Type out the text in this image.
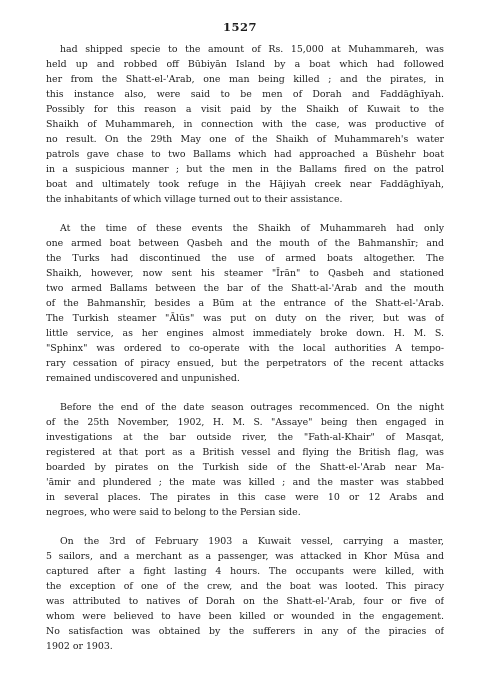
1527
had shipped specie to the amount of Rs. 15,000 at Muhammareh, was
held up and robbed off Būbiyān Island by a boat which had followed
her from the Shatt-el-'Arab, one man being killed ; and the pirates, in
this instance also, were said to be men of Dorah and Faddāghīyah.
Possibly for this reason a visit paid by the Shaikh of Kuwait to the
Shaikh of Muhammareh, in connection with the case, was productive of
no result. On the 29th May one of the Shaikh of Muhammareh's water
patrols gave chase to two Ballams which had approached a Būshehr boat
in a suspicious manner ; but the men in the Ballams fired on the patrol
boat and ultimately took refuge in the Hājiyah creek near Faddāghīyah,
the inhabitants of which village turned out to their assistance.
At the time of these events the Shaikh of Muhammareh had only
one armed boat between Qasbeh and the mouth of the Bahmanshīr; and
the Turks had discontinued the use of armed boats altogether. The
Shaikh, however, now sent his steamer "Īrān" to Qasbeh and stationed
two armed Ballams between the bar of the Shatt-al-'Arab and the mouth
of the Bahmanshīr, besides a Būm at the entrance of the Shatt-el-'Arab.
The Turkish steamer "Ālūs" was put on duty on the river, but was of
little service, as her engines almost immediately broke down. H. M. S.
"Sphinx" was ordered to co-operate with the local authorities A tempo-
rary cessation of piracy ensued, but the perpetrators of the recent attacks
remained undiscovered and unpunished.
Before the end of the date season outrages recommenced. On the night
of the 25th November, 1902, H. M. S. "Assaye" being then engaged in
investigations at the bar outside river, the "Fath-al-Khair" of Masqat,
registered at that port as a British vessel and flying the British flag, was
boarded by pirates on the Turkish side of the Shatt-el-'Arab near Ma-
'āmir and plundered ; the mate was killed ; and the master was stabbed
in several places. The pirates in this case were 10 or 12 Arabs and
negroes, who were said to belong to the Persian side.
On the 3rd of February 1903 a Kuwait vessel, carrying a master,
5 sailors, and a merchant as a passenger, was attacked in Khor Mūsa and
captured after a fight lasting 4 hours. The occupants were killed, with
the exception of one of the crew, and the boat was looted. This piracy
was attributed to natives of Dorah on the Shatt-el-'Arab, four or five of
whom were believed to have been killed or wounded in the engagement.
No satisfaction was obtained by the sufferers in any of the piracies of
1902 or 1903.
